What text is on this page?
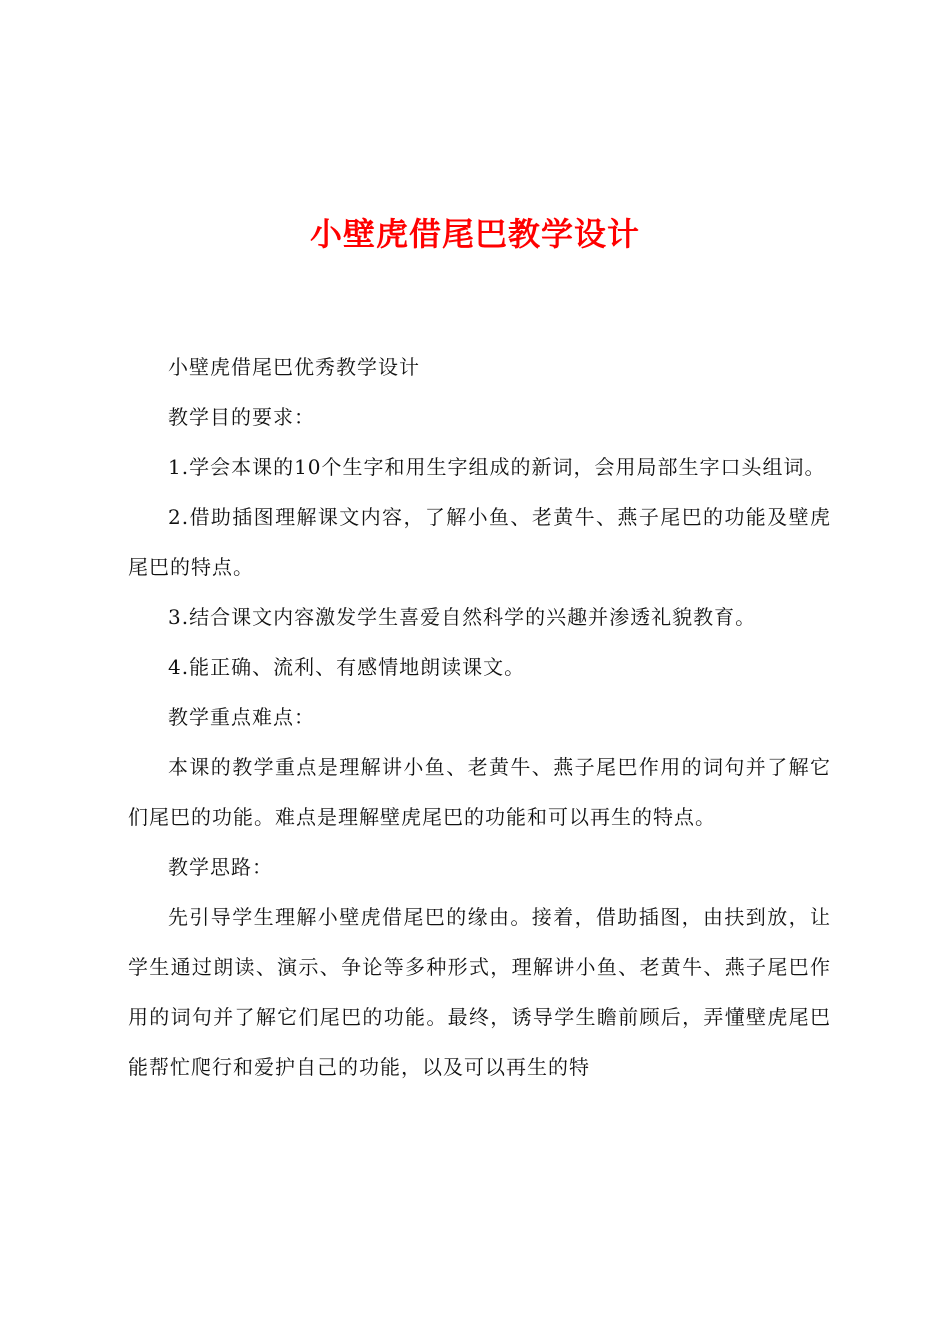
小壁虎借尾巴教学设计

小壁虎借尾巴优秀教学设计

教学目的要求：

1.学会本课的10个生字和用生字组成的新词，会用局部生字口头组词。

2.借助插图理解课文内容，了解小鱼、老黄牛、燕子尾巴的功能及壁虎尾巴的特点。

3.结合课文内容激发学生喜爱自然科学的兴趣并渗透礼貌教育。

4.能正确、流利、有感情地朗读课文。

教学重点难点：

本课的教学重点是理解讲小鱼、老黄牛、燕子尾巴作用的词句并了解它们尾巴的功能。难点是理解壁虎尾巴的功能和可以再生的特点。

教学思路：

先引导学生理解小壁虎借尾巴的缘由。接着，借助插图，由扶到放，让学生通过朗读、演示、争论等多种形式，理解讲小鱼、老黄牛、燕子尾巴作用的词句并了解它们尾巴的功能。最终，诱导学生瞻前顾后，弄懂壁虎尾巴能帮忙爬行和爱护自己的功能，以及可以再生的特
